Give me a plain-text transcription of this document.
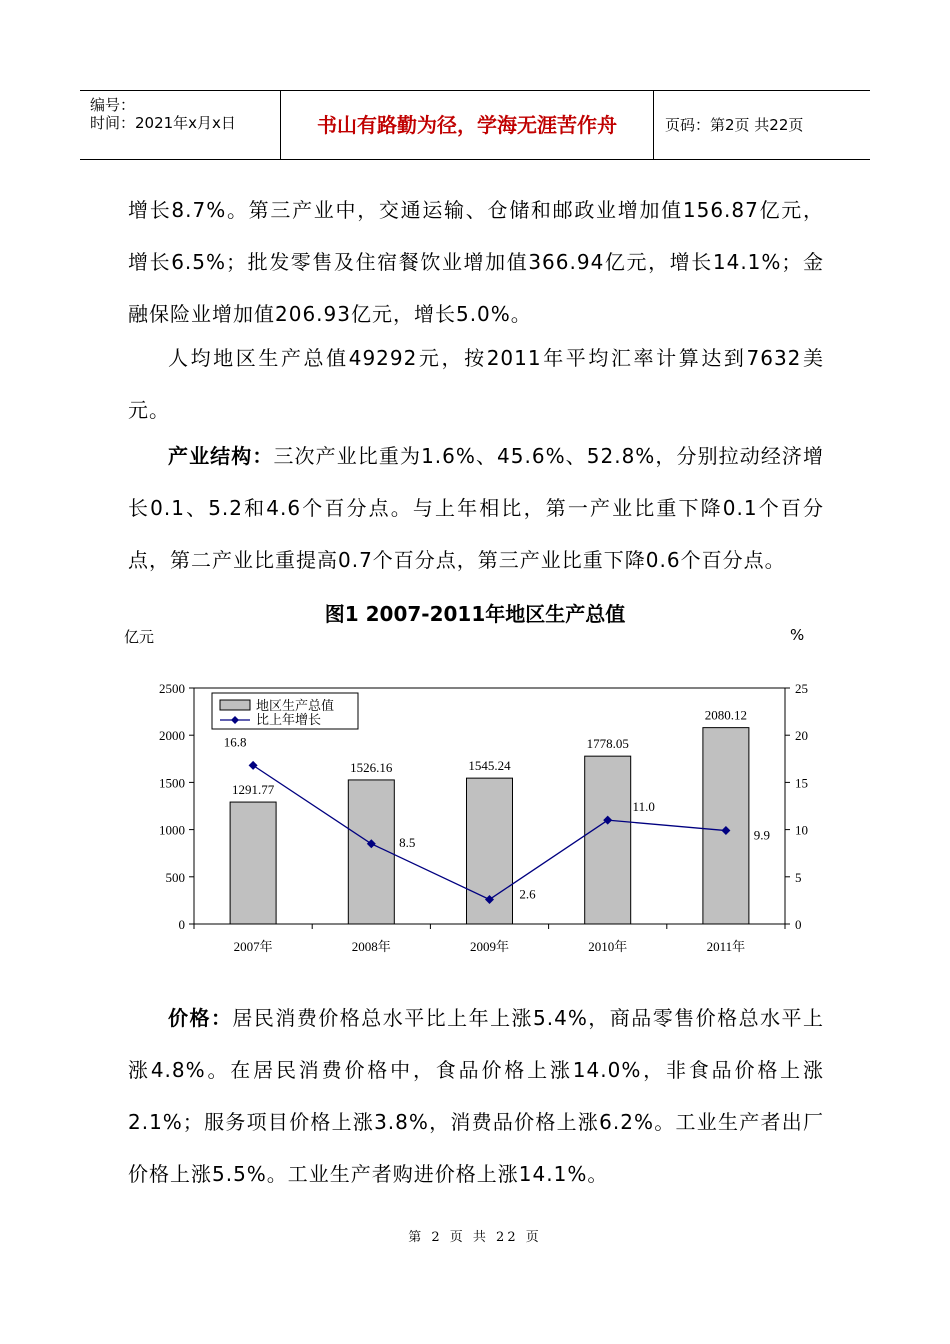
编号：
时间：2021年x月x日	书山有路勤为径，学海无涯苦作舟	页码：第2页 共22页
增长8.7%。第三产业中，交通运输、仓储和邮政业增加值156.87亿元，增长6.5%；批发零售及住宿餐饮业增加值366.94亿元，增长14.1%；金融保险业增加值206.93亿元，增长5.0%。
人均地区生产总值49292元，按2011年平均汇率计算达到7632美元。
产业结构：三次产业比重为1.6%、45.6%、52.8%，分别拉动经济增长0.1、5.2和4.6个百分点。与上年相比，第一产业比重下降0.1个百分点，第二产业比重提高0.7个百分点，第三产业比重下降0.6个百分点。
图1 2007-2011年地区生产总值
亿元	%
0
500
1000
1500
2000
2500
0
5
10
15
20
25
2007年	2008年	2009年	2010年	2011年
1291.77
1526.16	1545.24
1778.05
2080.12
16.8
8.5
2.6
11.0
9.9
地区生产总值
比上年增长
价格：居民消费价格总水平比上年上涨5.4%，商品零售价格总水平上涨4.8%。在居民消费价格中，食品价格上涨14.0%，非食品价格上涨2.1%；服务项目价格上涨3.8%，消费品价格上涨6.2%。工业生产者出厂价格上涨5.5%。工业生产者购进价格上涨14.1%。
第 2 页 共 22 页
